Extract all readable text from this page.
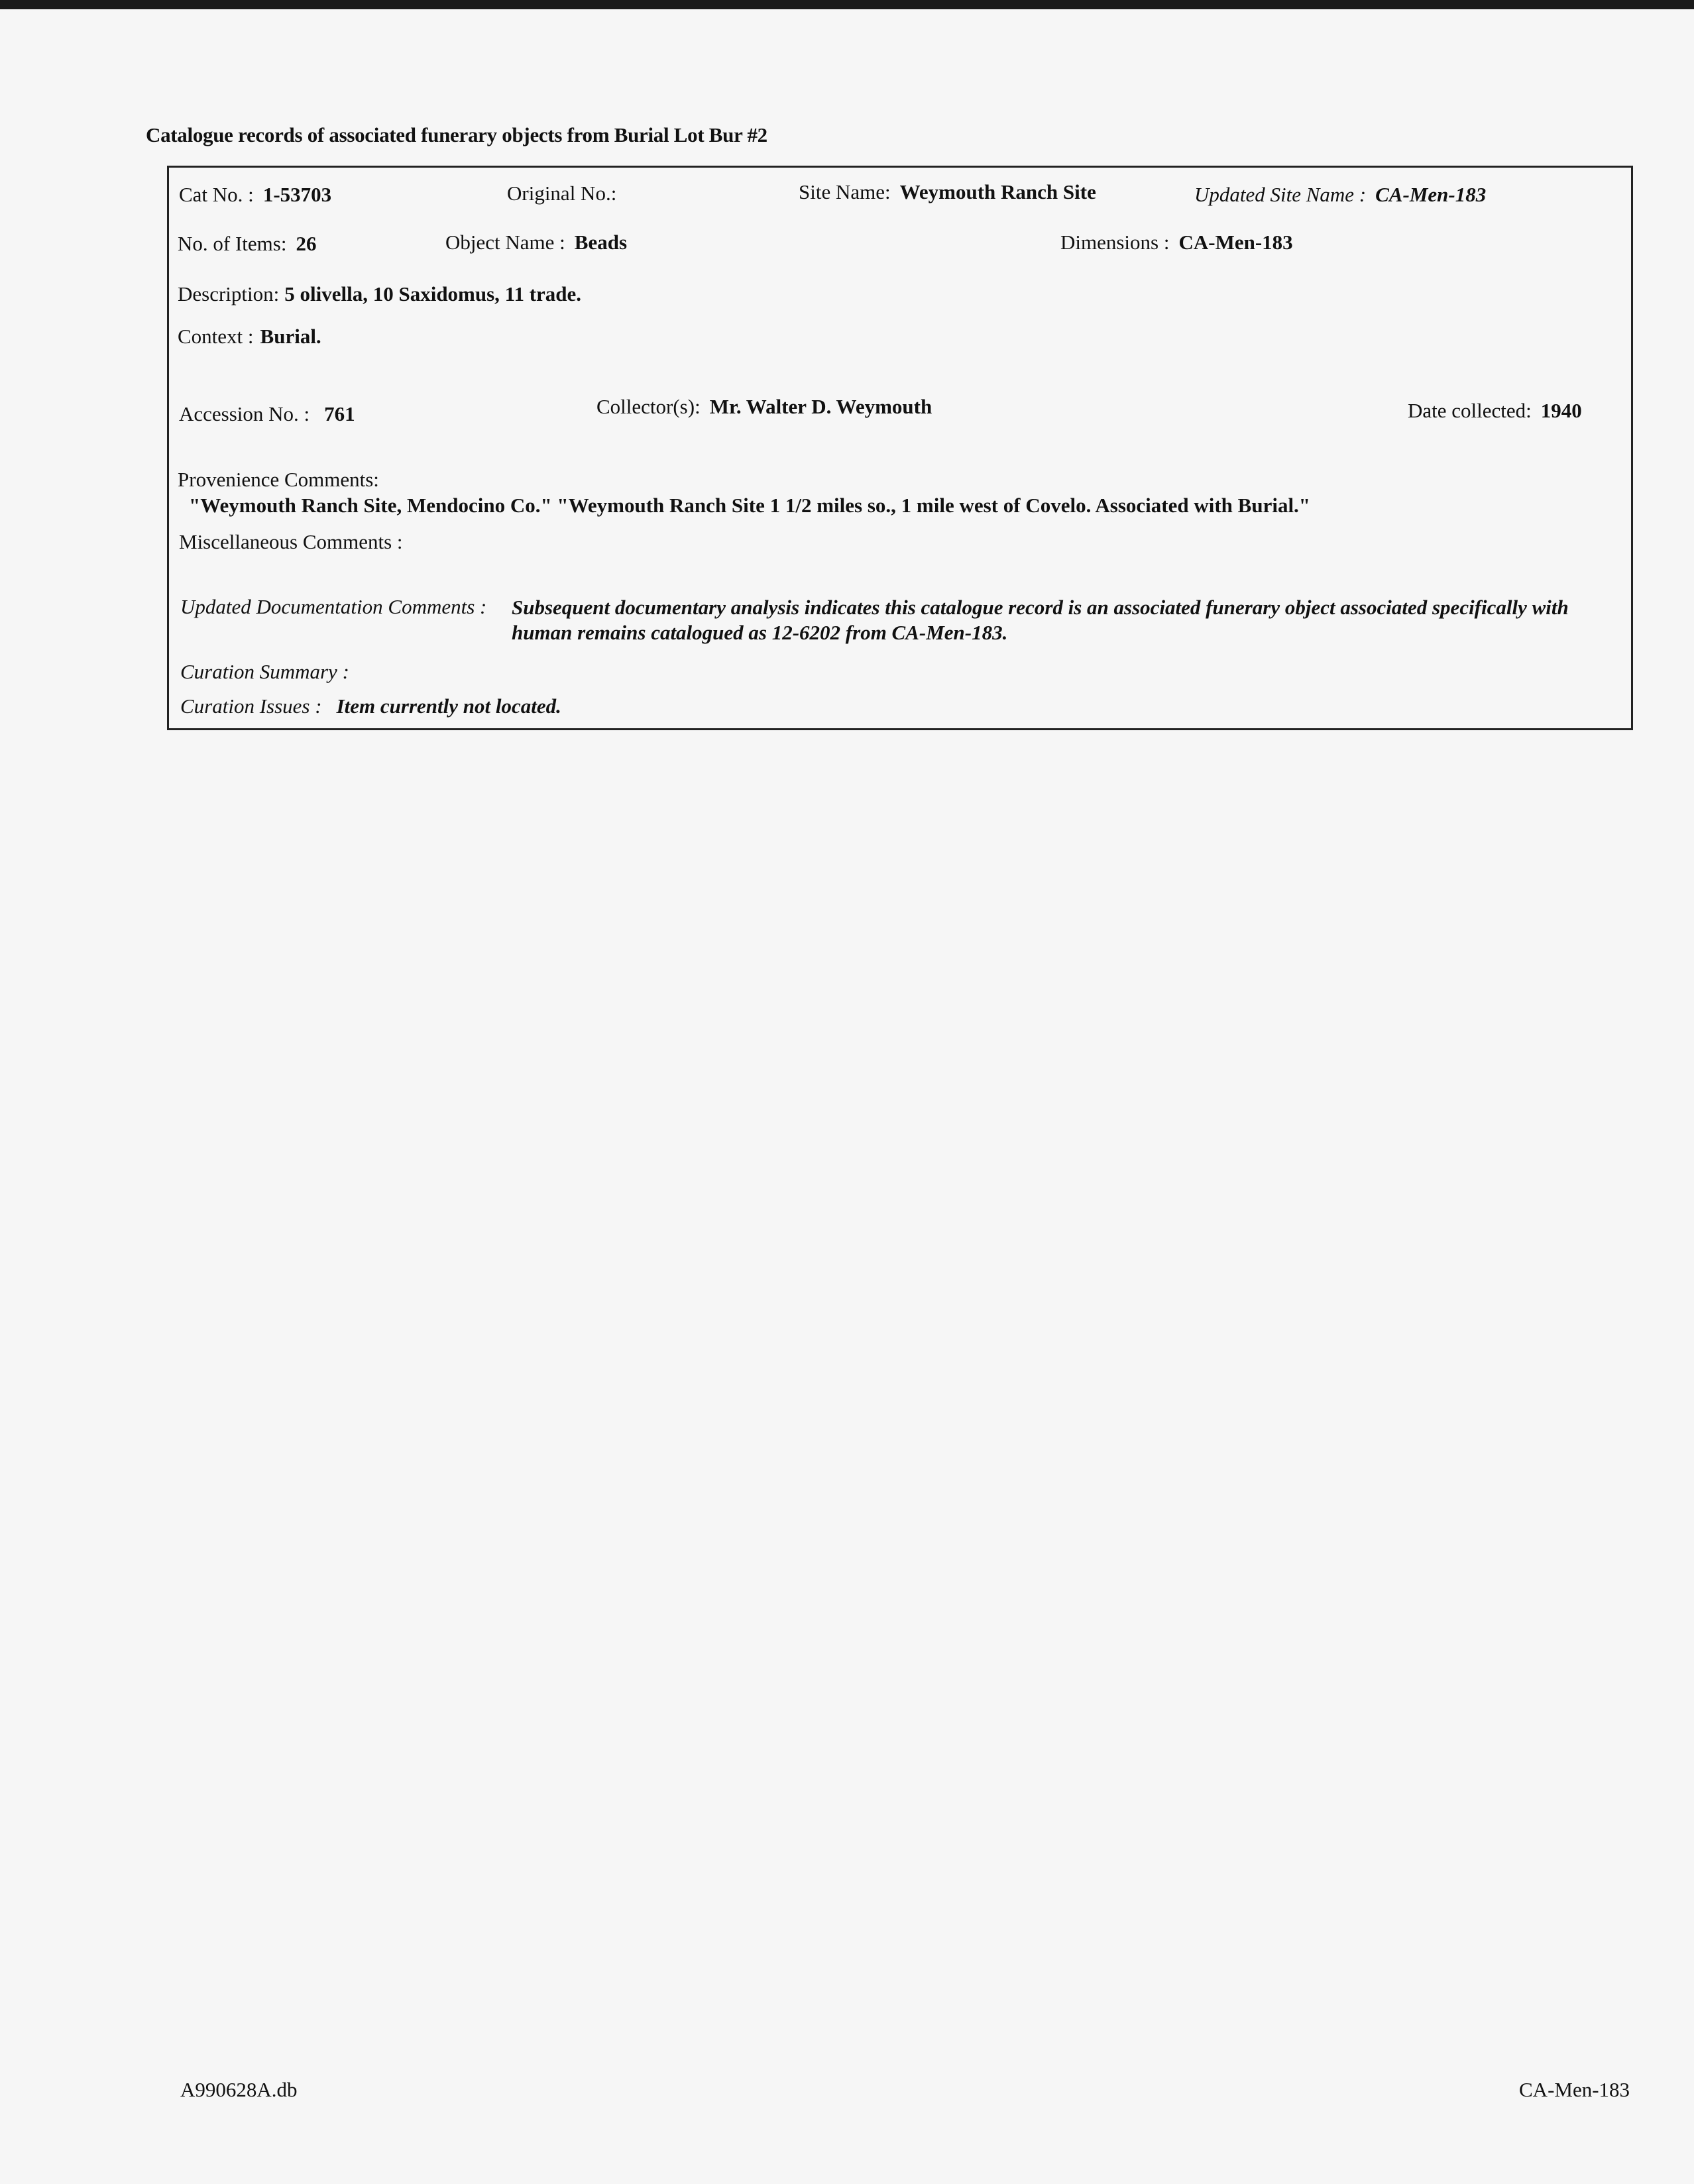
Catalogue records of associated funerary objects from Burial Lot Bur #2
Cat No. : 1-53703	Original No.:	Site Name: Weymouth Ranch Site	Updated Site Name : CA-Men-183
No. of Items: 26	Object Name : Beads	Dimensions : CA-Men-183
Description: 5 olivella, 10 Saxidomus, 11 trade.
Context : Burial.
Accession No. : 761	Collector(s): Mr. Walter D. Weymouth	Date collected: 1940
Provenience Comments:
"Weymouth Ranch Site, Mendocino Co." "Weymouth Ranch Site 1 1/2 miles so., 1 mile west of Covelo. Associated with Burial."
Miscellaneous Comments :
Updated Documentation Comments : Subsequent documentary analysis indicates this catalogue record is an associated funerary object associated specifically with human remains catalogued as 12-6202 from CA-Men-183.
Curation Summary :
Curation Issues : Item currently not located.
A990628A.db	CA-Men-183
